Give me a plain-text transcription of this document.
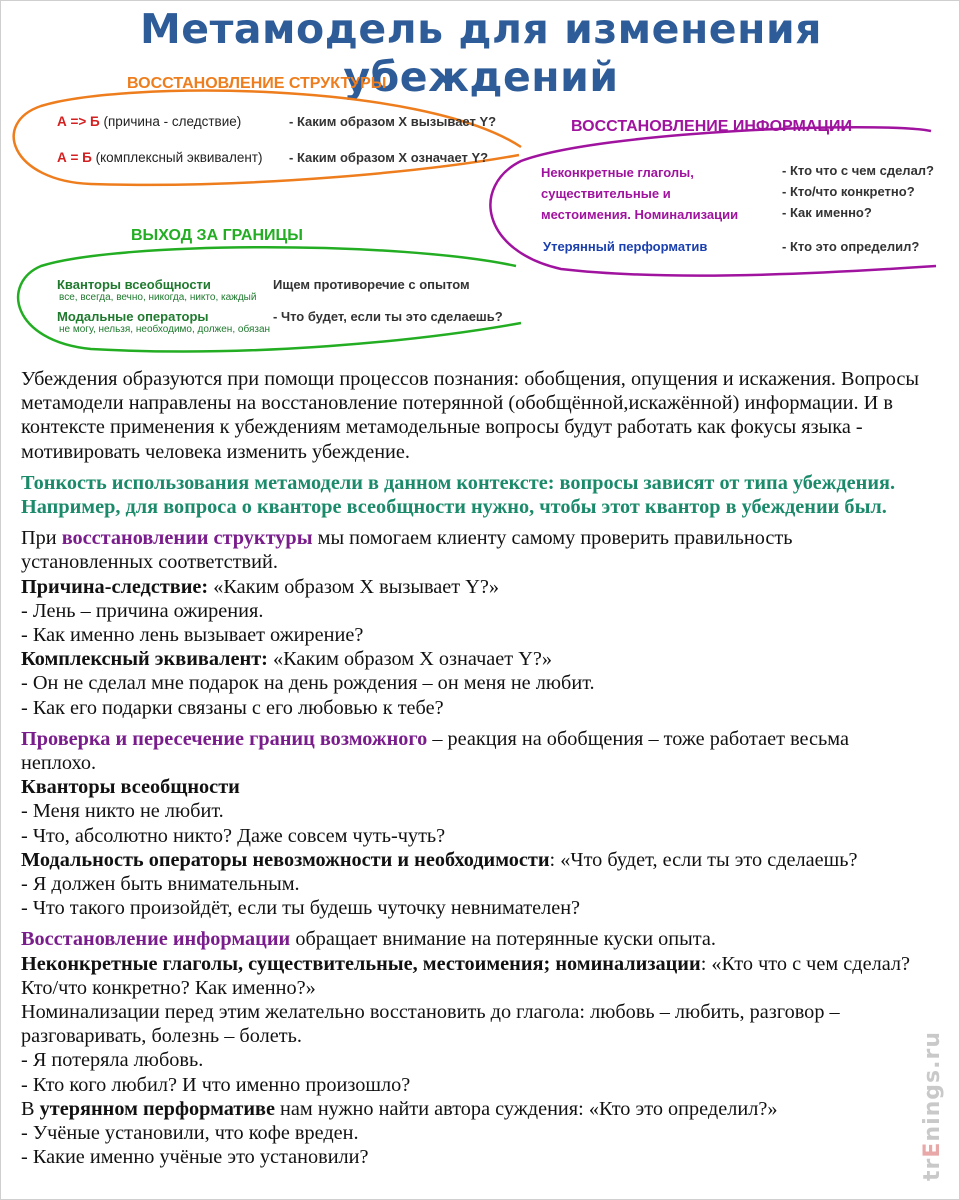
Метамодель для изменения убеждений
ВОССТАНОВЛЕНИЕ СТРУКТУРЫ
А => Б (причина - следствие)	- Каким образом X вызывает Y?
А = Б (комплексный эквивалент) - Каким образом X означает Y?
ВОССТАНОВЛЕНИЕ ИНФОРМАЦИИ
Неконкретные глаголы,
существительные и
местоимения. Номинализации
- Кто что с чем сделал?
- Кто/что конкретно?
- Как именно?
Утерянный перформатив	- Кто это определил?
ВЫХОД ЗА ГРАНИЦЫ
Кванторы всеобщности
все, всегда, вечно, никогда, никто, каждый
Ищем противоречие с опытом
Модальные операторы
не могу, нельзя, необходимо, должен, обязан
- Что будет, если ты это сделаешь?

Убеждения образуются при помощи процессов познания: обобщения, опущения и искажения. Вопросы метамодели направлены на восстановление потерянной (обобщённой,искажённой) информации. И в контексте применения к убеждениям метамодельные вопросы будут работать как фокусы языка - мотивировать человека изменить убеждение.

Тонкость использования метамодели в данном контексте: вопросы зависят от типа убеждения. Например, для вопроса о кванторе всеобщности нужно, чтобы этот квантор в убеждении был.

При восстановлении структуры мы помогаем клиенту самому проверить правильность установленных соответствий.

Причина-следствие: «Каким образом X вызывает Y?»

- Лень – причина ожирения.

- Как именно лень вызывает ожирение?

Комплексный эквивалент: «Каким образом X означает Y?»

- Он не сделал мне подарок на день рождения – он меня не любит.

- Как его подарки связаны с его любовью к тебе?

Проверка и пересечение границ возможного – реакция на обобщения – тоже работает весьма неплохо.

Кванторы всеобщности

- Меня никто не любит.

- Что, абсолютно никто? Даже совсем чуть-чуть?

Модальность операторы невозможности и необходимости: «Что будет, если ты это сделаешь?

- Я должен быть внимательным.

- Что такого произойдёт, если ты будешь чуточку невнимателен?

Восстановление информации обращает внимание на потерянные куски опыта.

Неконкретные глаголы, существительные, местоимения; номинализации: «Кто что с чем сделал? Кто/что конкретно? Как именно?»

Номинализации перед этим желательно восстановить до глагола: любовь – любить, разговор – разговаривать, болезнь – болеть.

- Я потеряла любовь.

- Кто кого любил? И что именно произошло?

В утерянном перформативе нам нужно найти автора суждения: «Кто это определил?»

- Учёные установили, что кофе вреден.

- Какие именно учёные это установили?

trEnings.ru
